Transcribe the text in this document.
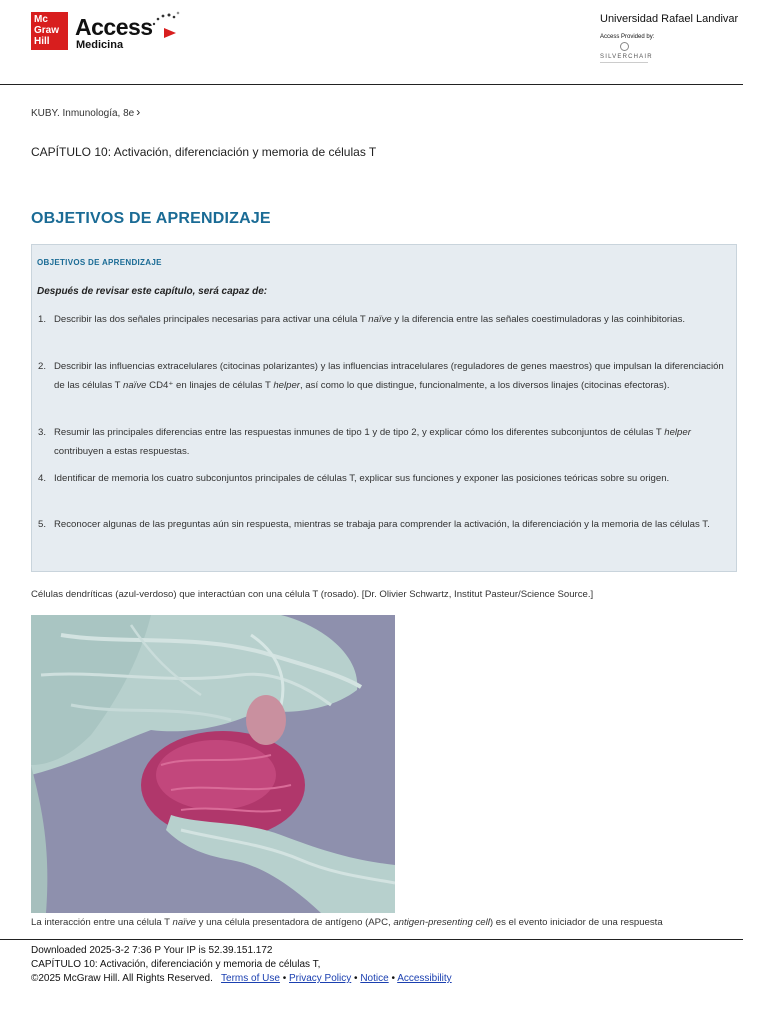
Mc
Graw
Hill
Access
Medicina
Universidad Rafael Landivar
Access Provided by:
SILVERCHAIR
KUBY. Inmunología, 8e ›
CAPÍTULO 10: Activación, diferenciación y memoria de células T
OBJETIVOS DE APRENDIZAJE
OBJETIVOS DE APRENDIZAJE
Después de revisar este capítulo, será capaz de:
1. Describir las dos señales principales necesarias para activar una célula T naïve y la diferencia entre las señales coestimuladoras y las coinhibitorias.
2. Describir las influencias extracelulares (citocinas polarizantes) y las influencias intracelulares (reguladores de genes maestros) que impulsan la diferenciación de las células T naïve CD4⁺ en linajes de células T helper, así como lo que distingue, funcionalmente, a los diversos linajes (citocinas efectoras).
3. Resumir las principales diferencias entre las respuestas inmunes de tipo 1 y de tipo 2, y explicar cómo los diferentes subconjuntos de células T helper contribuyen a estas respuestas.
4. Identificar de memoria los cuatro subconjuntos principales de células T, explicar sus funciones y exponer las posiciones teóricas sobre su origen.
5. Reconocer algunas de las preguntas aún sin respuesta, mientras se trabaja para comprender la activación, la diferenciación y la memoria de las células T.
Células dendríticas (azul-verdoso) que interactúan con una célula T (rosado). [Dr. Olivier Schwartz, Institut Pasteur/Science Source.]
La interacción entre una célula T naïve y una célula presentadora de antígeno (APC, antigen-presenting cell) es el evento iniciador de una respuesta
Downloaded 2025-3-2 7:36 P Your IP is 52.39.151.172
CAPÍTULO 10: Activación, diferenciación y memoria de células T,
©2025 McGraw Hill. All Rights Reserved. Terms of Use • Privacy Policy • Notice • Accessibility
